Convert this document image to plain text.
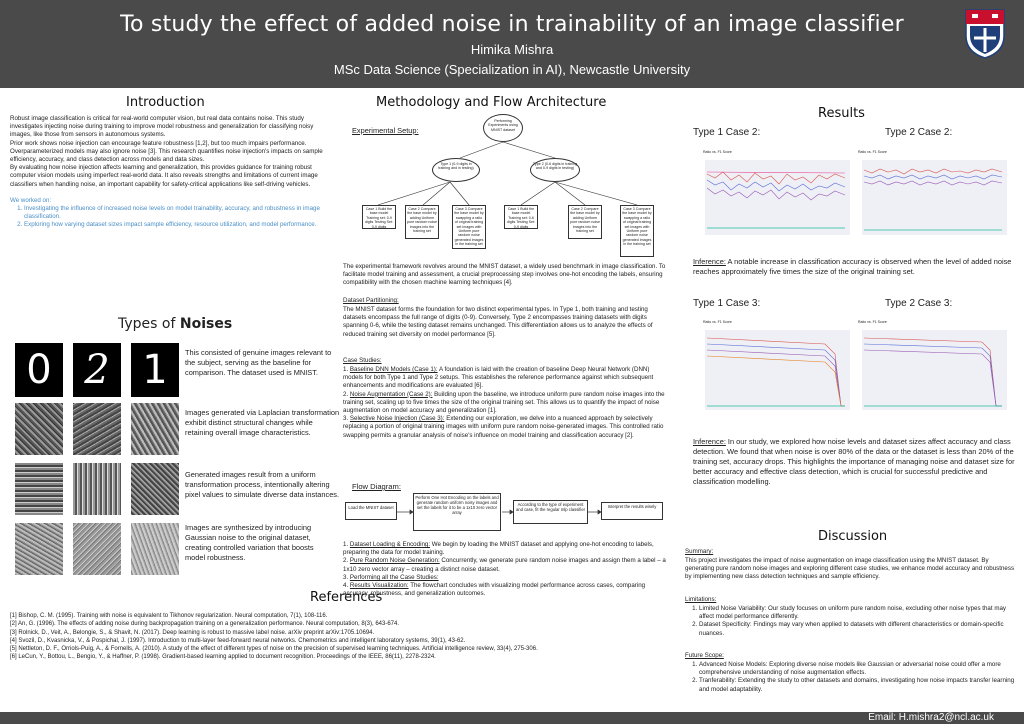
To study the effect of added noise in trainability of an image classifier
Himika Mishra
MSc Data Science (Specialization in AI), Newcastle University
Introduction

Robust image classification is critical for real-world computer vision, but real data contains noise. This study investigates injecting noise during training to improve model robustness and generalization for classifying noisy images, like those from sensors in autonomous systems.

Prior work shows noise injection can encourage feature robustness [1,2], but too much impairs performance. Overparameterized models may also ignore noise [3]. This research quantifies noise injection's impacts on sample efficiency, accuracy, and class detection across models and data sizes.

By evaluating how noise injection affects learning and generalization, this provides guidance for training robust computer vision models using imperfect real-world data. It also reveals strengths and limitations of current image classifiers when handling noise, an important capability for safety-critical applications like self-driving vehicles.

We worked on:

1. Investigating the influence of increased noise levels on model trainability, accuracy, and robustness in image classification.
2. Exploring how varying dataset sizes impact sample efficiency, resource utilization, and model performance.
Types of Noises
0 2 1	This consisted of genuine images relevant to the subject, serving as the baseline for comparison. The dataset used is MNIST.
Images generated via Laplacian transformation exhibit distinct structural changes while retaining overall image characteristics.
Generated images result from a uniform transformation process, intentionally altering pixel values to simulate diverse data instances.
Images are synthesized by introducing Gaussian noise to the original dataset, creating controlled variation that boosts model robustness.
Methodology and Flow Architecture
Experimental Setup:
Performing Experiments using MNIST dataset
Type 1 (0-9 digits in training and in testing)
Type 2 (0-6 digits in training and 0-9 digits in testing)
Case 1 Build the base model Training set: 0-9 digits Testing Set: 0-9 digits
Case 2 Compare the base model by adding Uniform pure random noise images into the training set
Case 3 Compare the base model by swapping a ratio of original training set images with Uniform pure random noise generated images in the training set
Case 1 Build the base model Training set: 0-6 digits Testing Set: 0-9 digits
Case 2 Compare the base model by adding Uniform pure random noise images into the training set
Case 3 Compare the base model by swapping a ratio of original training set images with Uniform pure random noise generated images in the training set
The experimental framework revolves around the MNIST dataset, a widely used benchmark in image classification. To facilitate model training and assessment, a crucial preprocessing step involves one-hot encoding the labels, ensuring compatibility with the chosen machine learning techniques [4].
Dataset Partitioning:
The MNIST dataset forms the foundation for two distinct experimental types. In Type 1, both training and testing datasets encompass the full range of digits (0-9). Conversely, Type 2 encompasses training datasets with digits spanning 0-6, while the testing dataset remains unchanged. This differentiation allows us to analyze the effects of reduced training set diversity on model performance [5].
Case Studies:

1. Baseline DNN Models (Case 1): A foundation is laid with the creation of baseline Deep Neural Network (DNN) models for both Type 1 and Type 2 setups. This establishes the reference performance against which subsequent enhancements and modifications are evaluated [6].

2. Noise Augmentation (Case 2): Building upon the baseline, we introduce uniform pure random noise images into the training set, scaling up to five times the size of the original training set. This allows us to quantify the impact of noise augmentation on model accuracy and generalization [1].

3. Selective Noise Injection (Case 3): Extending our exploration, we delve into a nuanced approach by selectively replacing a portion of original training images with uniform pure random noise-generated images. This controlled ratio swapping permits a granular analysis of noise's influence on model training and classification accuracy [2].

Flow Diagram:
Load the MNIST dataset
Perform One Hot Encoding on the labels and generate random uniform noisy images and set the labels for it to be a 1x10 zero vector array
According to the type of experiment and case, fit the regular mlp classifier
Interpret the results wisely

1. Dataset Loading & Encoding: We begin by loading the MNIST dataset and applying one-hot encoding to labels, preparing the data for model training.

2. Pure Random Noise Generation: Concurrently, we generate pure random noise images and assign them a label – a 1x10 zero vector array – creating a distinct noise dataset.

3. Performing all the Case Studies:

4. Results Visualization: The flowchart concludes with visualizing model performance across cases, comparing accuracy, robustness, and generalization outcomes.

References

[1] Bishop, C. M. (1995). Training with noise is equivalent to Tikhonov regularization. Neural computation, 7(1), 108-116.

[2] An, G. (1996). The effects of adding noise during backpropagation training on a generalization performance. Neural computation, 8(3), 643-674.

[3] Rolnick, D., Veit, A., Belongie, S., & Shavit, N. (2017). Deep learning is robust to massive label noise. arXiv preprint arXiv:1705.10694.

[4] Svozil, D., Kvasnicka, V., & Pospichal, J. (1997). Introduction to multi-layer feed-forward neural networks. Chemometrics and intelligent laboratory systems, 39(1), 43-62.

[5] Nettleton, D. F., Orriols-Puig, A., & Fornells, A. (2010). A study of the effect of different types of noise on the precision of supervised learning techniques. Artificial intelligence review, 33(4), 275-306.

[6] LeCun, Y., Bottou, L., Bengio, Y., & Haffner, P. (1998). Gradient-based learning applied to document recognition. Proceedings of the IEEE, 86(11), 2278-2324.

Results
Type 1 Case 2:	Type 2 Case 2:
Ratio vs. F1 Score	Ratio vs. F1 Score
Inference: A notable increase in classification accuracy is observed when the level of added noise reaches approximately five times the size of the original training set.
Type 1 Case 3:	Type 2 Case 3:
Ratio vs. F1 Score	Ratio vs. F1 Score
Inference: In our study, we explored how noise levels and dataset sizes affect accuracy and class detection. We found that when noise is over 80% of the data or the dataset is less than 20% of the training set, accuracy drops. This highlights the importance of managing noise and dataset size for better accuracy and effective class detection, which is crucial for successful predictive and classification modelling.
Discussion
Summary:
This project investigates the impact of noise augmentation on image classification using the MNIST dataset. By generating pure random noise images and exploring different case studies, we enhance model accuracy and robustness by implementing new class detection techniques and sample efficiency.
Limitations:
1. Limited Noise Variability: Our study focuses on uniform pure random noise, excluding other noise types that may affect model performance differently.
2. Dataset Specificity: Findings may vary when applied to datasets with different characteristics or domain-specific nuances.
Future Scope:
1. Advanced Noise Models: Exploring diverse noise models like Gaussian or adversarial noise could offer a more comprehensive understanding of noise augmentation effects.
2. Tranferability: Extending the study to other datasets and domains, investigating how noise impacts transfer learning and model adaptability.
Email: H.mishra2@ncl.ac.uk
